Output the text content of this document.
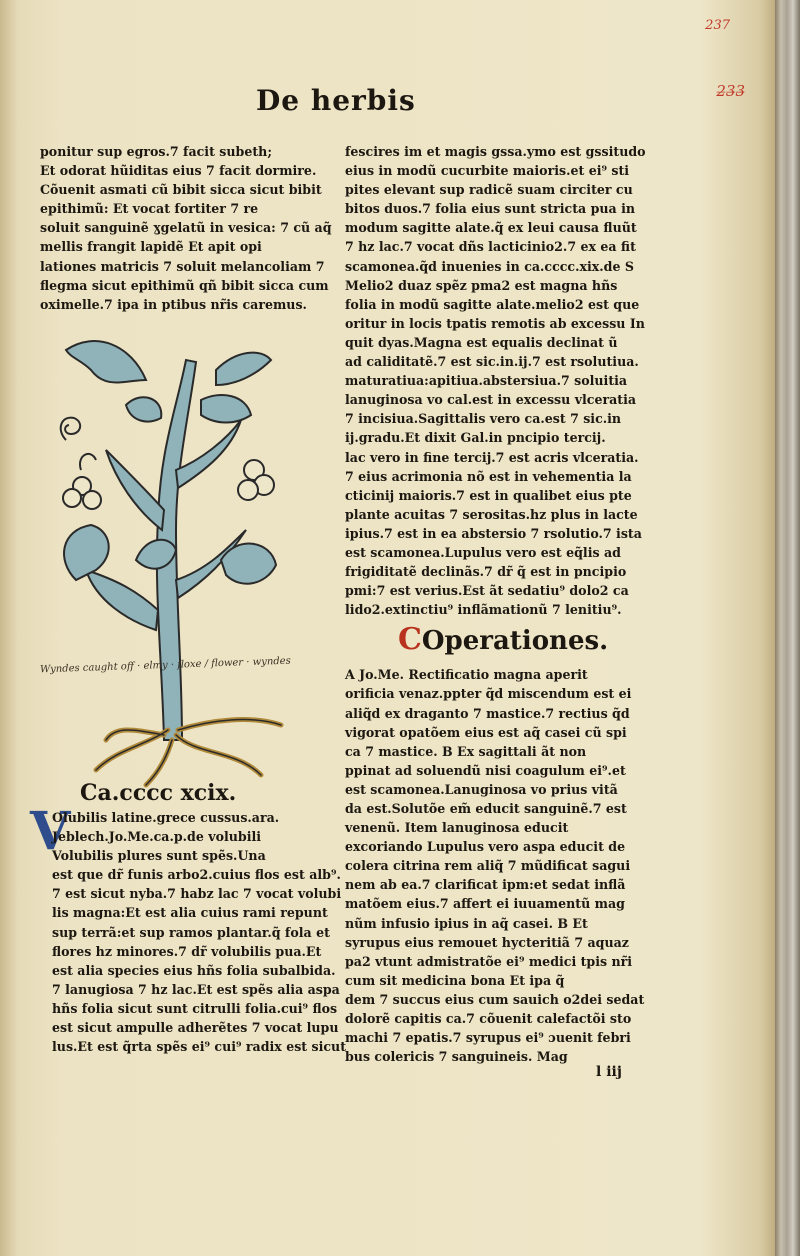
237
2̶3̶3̶
De herbis
ponitur sup egros.7 facit subeth;
Et odorat hũiditas eius 7 facit dormire.
Cõuenit asmati cũ bibit sicca sicut bibit
epithimũ: Et vocat fortiter 7 re
soluit sanguinẽ ɣgelatũ in vesica: 7 cũ aq̃
mellis frangit lapidẽ Et apit opi
lationes matricis 7 soluit melancoliam 7
flegma sicut epithimũ qñ bibit sicca cum
oximelle.7 ipa in ptibus nr̃is caremus.
Wyndes caught off · elmy · floxe / flower · wyndes
Ca.cccc xcix.
V
Olubilis latine.grece cussus.ara.
Jeblech.Jo.Me.ca.p.de volubili
Volubilis plures sunt spẽs.Una
est que dr̃ funis arbo2.cuius flos est alb⁹.
7 est sicut nyba.7 habz lac 7 vocat volubi
lis magna:Et est alia cuius rami repunt
sup terrã:et sup ramos plantar.q̃ fola et
flores hz minores.7 dr̃ volubilis pua.Et
est alia species eius hñs folia subalbida.
7 lanugiosa 7 hz lac.Et est spẽs alia aspa
hñs folia sicut sunt citrulli folia.cui⁹ flos
est sicut ampulle adherẽtes 7 vocat lupu
lus.Et est q̃rta spẽs ei⁹ cui⁹ radix est sicut
fescires im et magis gssa.ymo est gssitudo
eius in modũ cucurbite maioris.et ei⁹ sti
pites elevant sup radicẽ suam circiter cu
bitos duos.7 folia eius sunt stricta pua in
modum sagitte alate.q̃ ex leui causa fluũt
7 hz lac.7 vocat dñs lacticinio2.7 ex ea fit
scamonea.q̃d inuenies in ca.cccc.xix.de S
Melio2 duaz spẽz pma2 est magna hñs
folia in modũ sagitte alate.melio2 est que
oritur in locis tpatis remotis ab excessu In
quit dyas.Magna est equalis declinat ũ
ad caliditatẽ.7 est sic.in.ij.7 est rsolutiua.
maturatiua:apitiua.abstersiua.7 soluitia
lanuginosa vo cal.est in excessu vlceratia
7 incisiua.Sagittalis vero ca.est 7 sic.in
ij.gradu.Et dixit Gal.in pncipio tercij.
lac vero in fine tercij.7 est acris vlceratia.
7 eius acrimonia nõ est in vehementia la
cticinij maioris.7 est in qualibet eius pte
plante acuitas 7 serositas.hz plus in lacte
ipius.7 est in ea abstersio 7 rsolutio.7 ista
est scamonea.Lupulus vero est eq̃lis ad
frigiditatẽ declinãs.7 dr̃ q̃ est in pncipio
pmi:7 est verius.Est ãt sedatiu⁹ dolo2 ca
lido2.extinctiu⁹ inflãmationũ 7 lenitiu⁹.
A Jo.Me. Rectificatio magna aperit
orificia venaz.ppter q̃d miscendum est ei
aliq̃d ex draganto 7 mastice.7 rectius q̃d
vigorat opatõem eius est aq̃ casei cũ spi
ca 7 mastice. B Ex sagittali ãt non
ppinat ad soluendũ nisi coagulum ei⁹.et
est scamonea.Lanuginosa vo prius vitã
da est.Solutõe em̃ educit sanguinẽ.7 est
venenũ. Item lanuginosa educit
excoriando Lupulus vero aspa educit de
colera citrina rem aliq̃ 7 mũdificat sagui
nem ab ea.7 clarificat ipm:et sedat inflã
matõem eius.7 affert ei iuuamentũ mag
nũm infusio ipius in aq̃ casei. B Et
syrupus eius remouet hycteritiã 7 aquaz
pa2 vtunt admistratõe ei⁹ medici tpis nr̃i
cum sit medicina bona Et ipa q̃
dem 7 succus eius cum sauich o2dei sedat
dolorẽ capitis ca.7 cõuenit calefactõi sto
machi 7 epatis.7 syrupus ei⁹ ɔuenit febri
bus colericis 7 sanguineis. Mag
COperationes.
l iij
